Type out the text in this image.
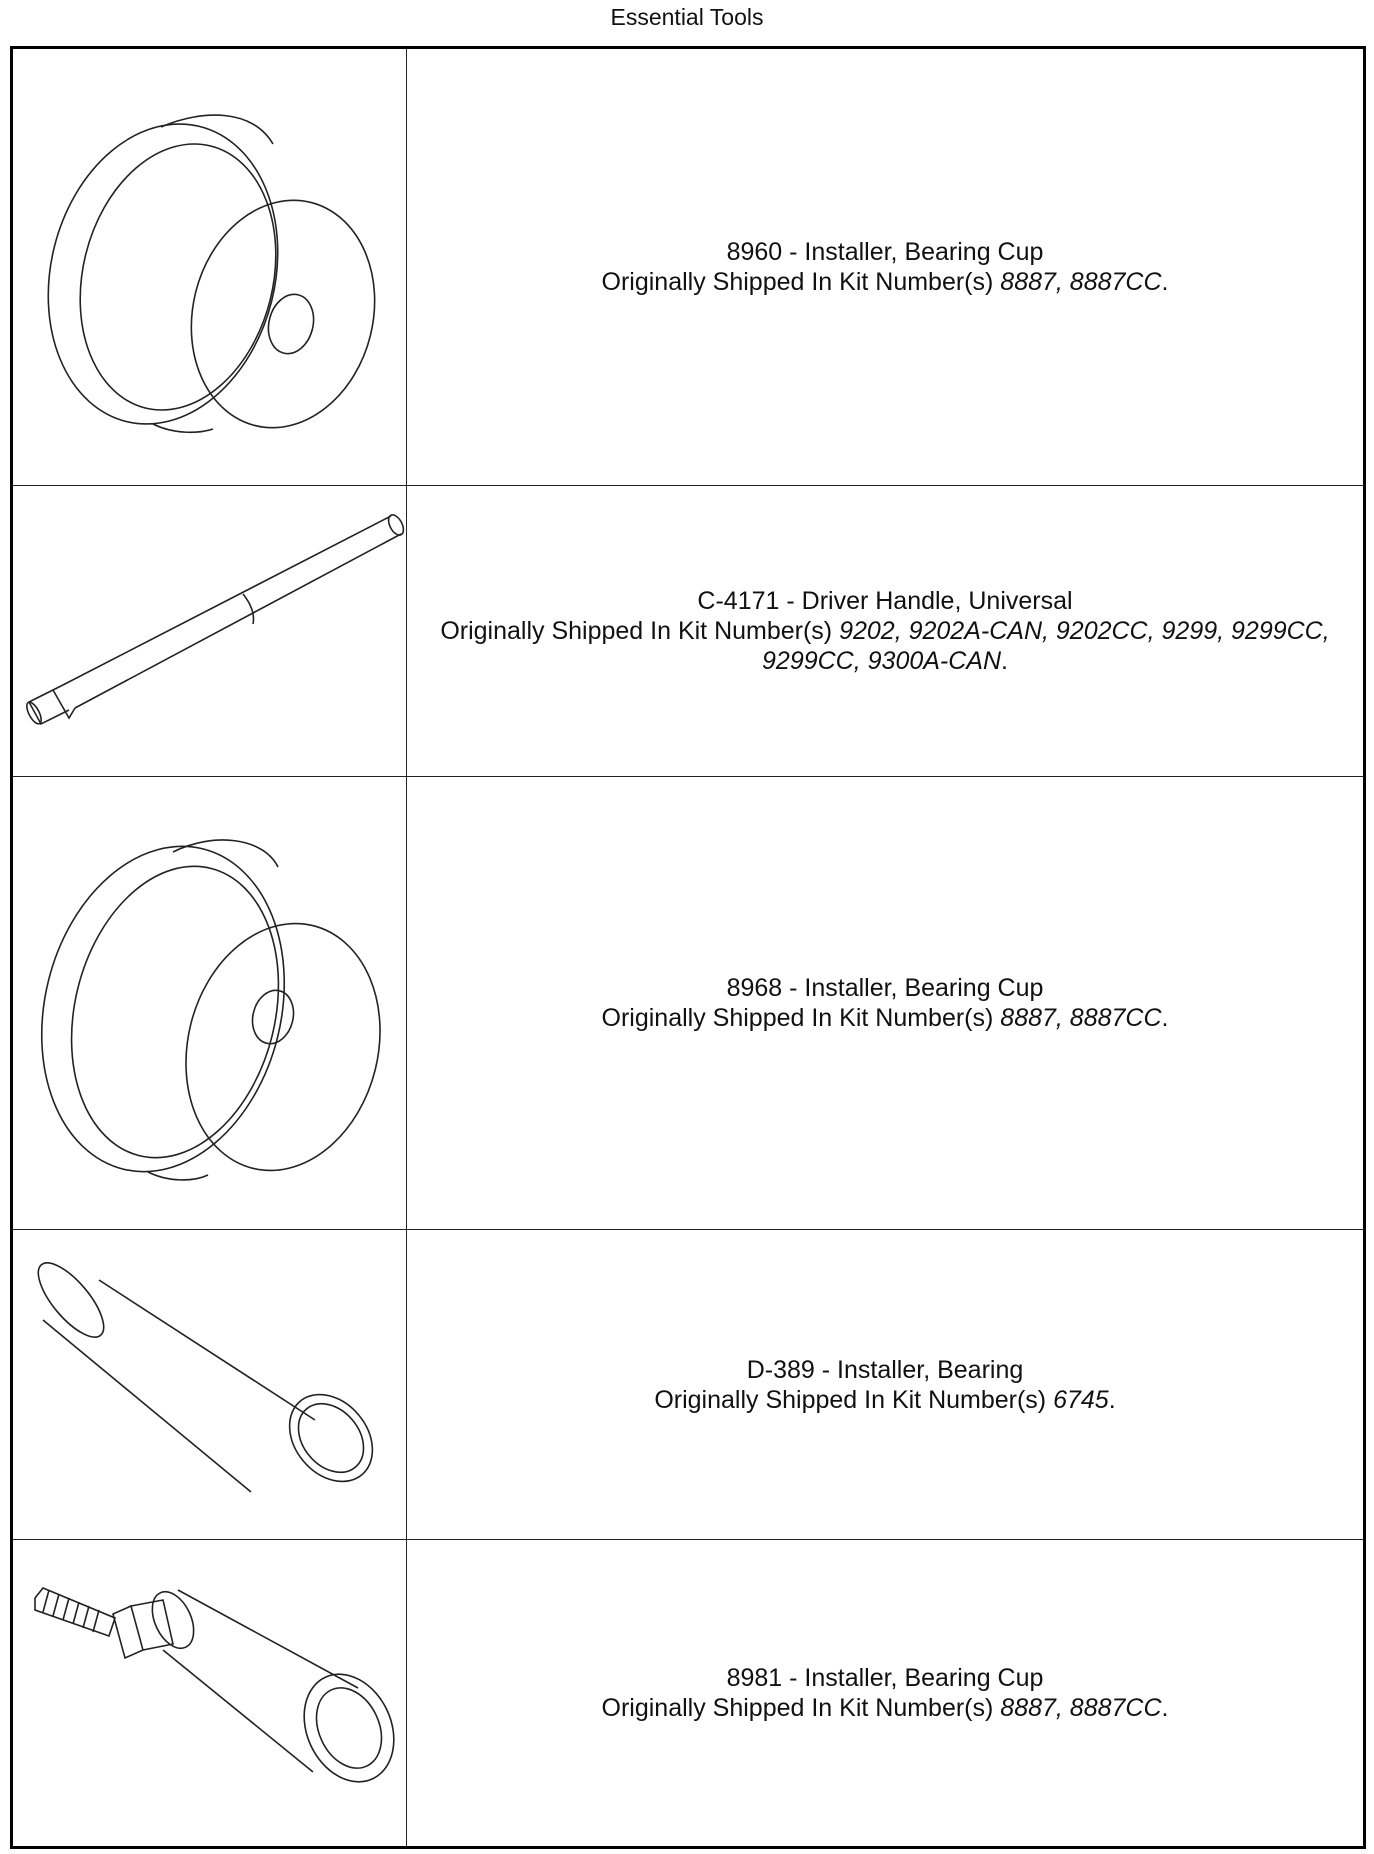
Essential Tools

8960 - Installer, Bearing Cup
Originally Shipped In Kit Number(s) 8887, 8887CC.

C-4171 - Driver Handle, Universal
Originally Shipped In Kit Number(s) 9202, 9202A-CAN, 9202CC, 9299, 9299CC,
9299CC, 9300A-CAN.

8968 - Installer, Bearing Cup
Originally Shipped In Kit Number(s) 8887, 8887CC.

D-389 - Installer, Bearing
Originally Shipped In Kit Number(s) 6745.

8981 - Installer, Bearing Cup
Originally Shipped In Kit Number(s) 8887, 8887CC.
